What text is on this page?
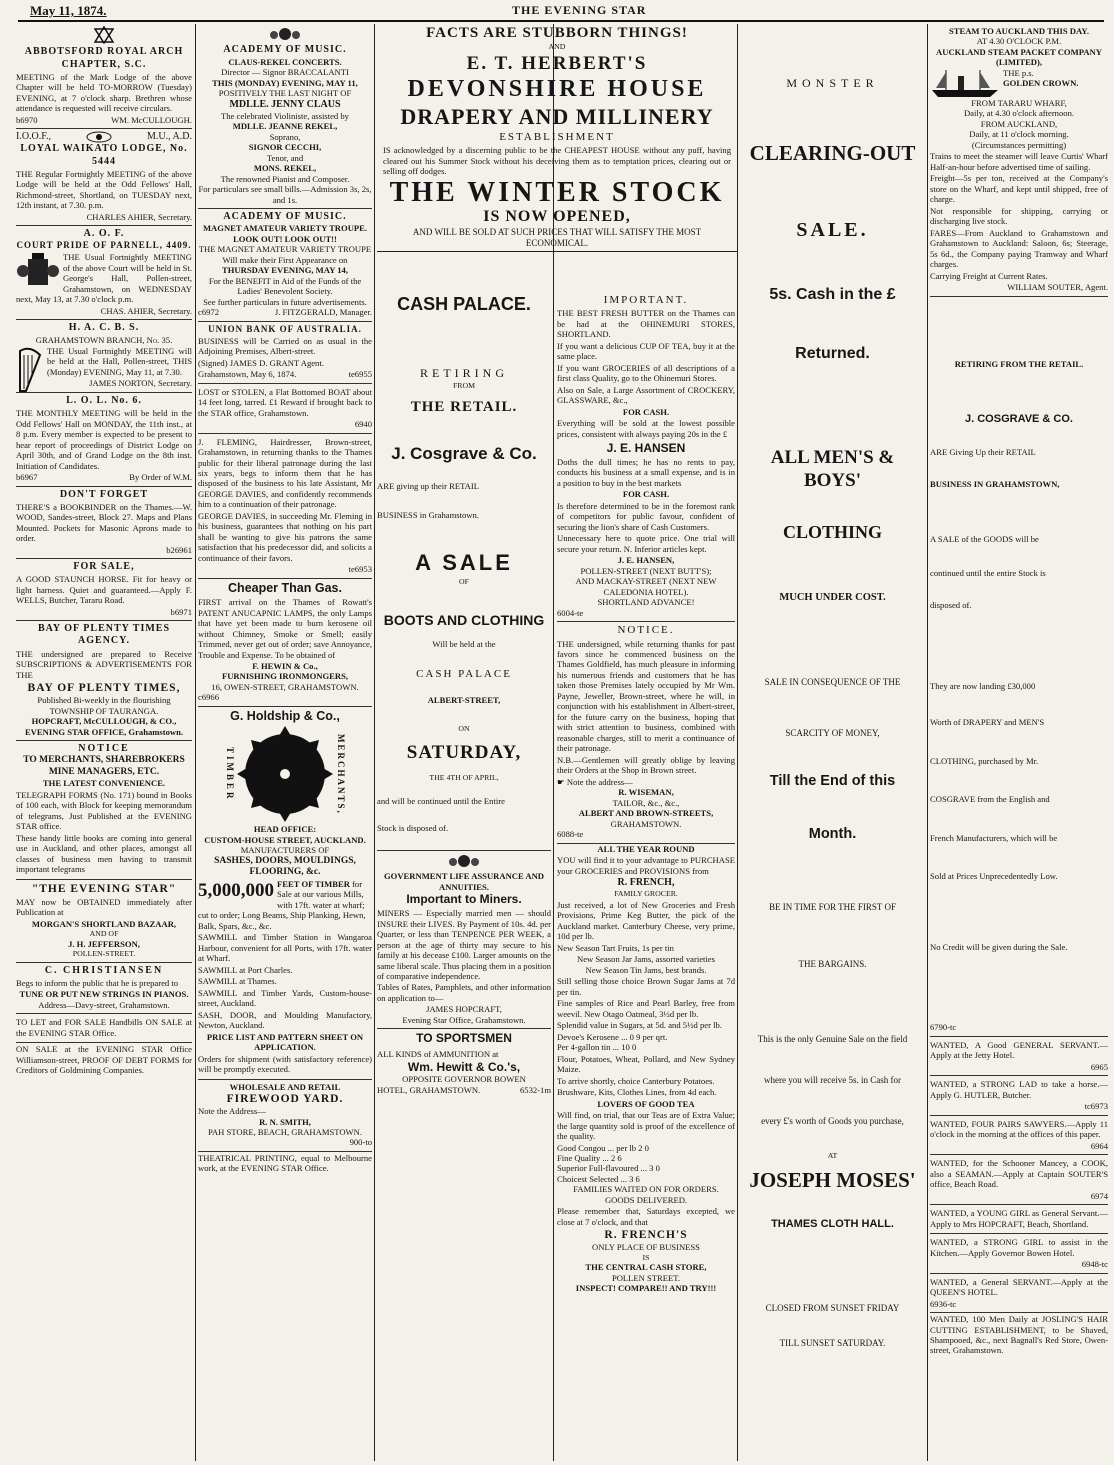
May 11, 1874.	THE EVENING STAR
ABBOTSFORD ROYAL ARCH CHAPTER, S.C.
MEETING of the Mark Lodge of the above Chapter will be held TO-MORROW (Tuesday) EVENING, at 7 o'clock sharp. Brethren whose attendance is requested will receive circulars.
b6970	WM. McCULLOUGH.
I.O.O.F.,	M.U., A.D.
LOYAL WAIKATO LODGE, No. 5444
THE Regular Fortnightly MEETING of the above Lodge will be held at the Odd Fellows' Hall, Richmond-street, Shortland, on TUESDAY next, 12th instant, at 7.30. p.m.
CHARLES AHIER, Secretary.
A. O. F.
COURT PRIDE OF PARNELL, 4409.
THE Usual Fortnightly MEETING of the above Court will be held in St. George's Hall, Pollen-street, Grahamstown, on WEDNESDAY next, May 13, at 7.30 o'clock p.m.
CHAS. AHIER, Secretary.
H. A. C. B. S.
GRAHAMSTOWN BRANCH, No. 35.
THE Usual Fortnightly MEETING will be held at the Hall, Pollen-street, THIS (Monday) EVENING, May 11, at 7.30.
JAMES NORTON, Secretary.
L. O. L. No. 6.
THE MONTHLY MEETING will be held in the Odd Fellows' Hall on MONDAY, the 11th inst., at 8 p.m. Every member is expected to be present to hear report of proceedings of District Lodge on April 30th, and of Grand Lodge on the 8th inst. Initiation of Candidates.
b6967	By Order of W.M.
DON'T FORGET
THERE'S a BOOKBINDER on the Thames.—W. WOOD, Sandes-street, Block 27. Maps and Plans Mounted. Pockets for Masonic Aprons made to order.
b26961
FOR SALE,
A GOOD STAUNCH HORSE. Fit for heavy or light harness. Quiet and guaranteed.—Apply F. WELLS, Butcher, Tararu Road.
b6971
BAY OF PLENTY TIMES AGENCY.
THE undersigned are prepared to Receive SUBSCRIPTIONS & ADVERTISEMENTS FOR THE
BAY OF PLENTY TIMES,
Published Bi-weekly in the flourishing TOWNSHIP OF TAURANGA.
HOPCRAFT, McCULLOUGH, & CO., EVENING STAR OFFICE, Grahamstown.
NOTICE
TO MERCHANTS, SHAREBROKERS MINE MANAGERS, ETC.
THE LATEST CONVENIENCE.
TELEGRAPH FORMS (No. 171) bound in Books of 100 each, with Block for keeping memorandum of telegrams, Just Published at the EVENING STAR office.
These handy little books are coming into general use in Auckland, and other places, amongst all classes of business men having to transmit important telegrams
"THE EVENING STAR"
MAY now be OBTAINED immediately after Publication at
MORGAN'S SHORTLAND BAZAAR,
AND OF
J. H. JEFFERSON,
POLLEN-STREET.
C. CHRISTIANSEN
Begs to inform the public that he is prepared to
TUNE OR PUT NEW STRINGS IN PIANOS.
Address—Davy-street, Grahamstown.
TO LET and FOR SALE Handbills ON SALE at the EVENING STAR Office.
ON SALE at the EVENING STAR Office Williamson-street, PROOF OF DEBT FORMS for Creditors of Goldmining Companies.
ACADEMY OF MUSIC.
CLAUS-REKEL CONCERTS.
Director — Signor BRACCALANTI
THIS (MONDAY) EVENING, MAY 11,
POSITIVELY THE LAST NIGHT OF
MDLLE. JENNY CLAUS
The celebrated Violiniste, assisted by
MDLLE. JEANNE REKEL,
Soprano,
SIGNOR CECCHI,
Tenor, and
MONS. REKEL,
The renowned Pianist and Composer.
For particulars see small bills.—Admission 3s, 2s, and 1s.
ACADEMY OF MUSIC.
MAGNET AMATEUR VARIETY TROUPE.
LOOK OUT! LOOK OUT!!
THE MAGNET AMATEUR VARIETY TROUPE
Will make their First Appearance on
THURSDAY EVENING, MAY 14,
For the BENEFIT in Aid of the Funds of the Ladies' Benevolent Society.
See further particulars in future advertisements.
c6972	J. FITZGERALD, Manager.
UNION BANK OF AUSTRALIA.
BUSINESS will be Carried on as usual in the Adjoining Premises, Albert-street.
(Signed) JAMES D. GRANT Agent.
Grahamstown, May 6, 1874.	te6955
LOST or STOLEN, a Flat Bottomed BOAT about 14 feet long, tarred. £1 Reward if brought back to the STAR office, Grahamstown.
6940
J. FLEMING, Hairdresser, Brown-street, Grahamstown, in returning thanks to the Thames public for their liberal patronage during the last six years, begs to inform them that he has disposed of the business to his late Assistant, Mr GEORGE DAVIES, and confidently recommends him to a continuation of their patronage.
GEORGE DAVIES, in succeeding Mr. Fleming in his business, guarantees that nothing on his part shall be wanting to give his patrons the same satisfaction that his predecessor did, and solicits a continuance of their favors.
te6953
Cheaper Than Gas.
FIRST arrival on the Thames of Rowatt's PATENT ANUCAPNIC LAMPS, the only Lamps that have yet been made to burn kerosene oil without Chimney, Smoke or Smell; easily Trimmed, never get out of order; save Annoyance, Trouble and Expense. To be obtained of
F. HEWIN & Co.,
FURNISHING IRONMONGERS,
16, OWEN-STREET, GRAHAMSTOWN.
c6966
G. Holdship & Co.,
TIMBER	MERCHANTS,
HEAD OFFICE:
CUSTOM-HOUSE STREET, AUCKLAND.
MANUFACTURERS OF
SASHES, DOORS, MOULDINGS, FLOORING, &c.
5,000,000 FEET OF TIMBER for Sale at our various Mills, with 17ft. water at wharf; cut to order; Long Beams, Ship Planking, Hewn, Balk, Spars, &c., &c.
SAWMILL and Timber Station in Wangaroa Harbour, convenient for all Ports, with 17ft. water at Wharf.
SAWMILL at Port Charles.
SAWMILL at Thames.
SAWMILL and Timber Yards, Custom-house-street, Auckland.
SASH, DOOR, and Moulding Manufactory, Newton, Auckland.
PRICE LIST AND PATTERN SHEET ON APPLICATION.
Orders for shipment (with satisfactory reference) will be promptly executed.
WHOLESALE AND RETAIL
FIREWOOD YARD.
Note the Address—
R. N. SMITH,
PAH STORE, BEACH, GRAHAMSTOWN.
900-to
THEATRICAL PRINTING, equal to Melbourne work, at the EVENING STAR Office.
FACTS ARE STUBBORN THINGS!
AND
E. T. HERBERT'S
DEVONSHIRE HOUSE
DRAPERY AND MILLINERY
ESTABLISHMENT
IS acknowledged by a discerning public to be the CHEAPEST HOUSE without any puff, having cleared out his Summer Stock without his deceiving them as to temptation prices, clearing out or selling off dodges.
THE WINTER STOCK
IS NOW OPENED,
AND WILL BE SOLD AT SUCH PRICES THAT WILL SATISFY THE MOST ECONOMICAL.
CASH PALACE.
RETIRING
FROM
THE RETAIL.
J. Cosgrave & Co.
ARE giving up their RETAIL
BUSINESS in Grahamstown.
A SALE
OF
BOOTS AND CLOTHING
Will be held at the
CASH PALACE
ALBERT-STREET,
ON
SATURDAY,
THE 4TH OF APRIL,
and will be continued until the Entire
Stock is disposed of.
GOVERNMENT LIFE ASSURANCE AND ANNUITIES.
Important to Miners.
MINERS — Especially married men — should INSURE their LIVES. By Payment of 10s. 4d. per Quarter, or less than TENPENCE PER WEEK, a person at the age of thirty may secure to his family at his decease £100. Larger amounts on the same liberal scale. Thus placing them in a position of comparative independence.
Tables of Rates, Pamphlets, and other information on application to—
JAMES HOPCRAFT,
Evening Star Office, Grahamstown.
TO SPORTSMEN
ALL KINDS of AMMUNITION at
Wm. Hewitt & Co.'s,
OPPOSITE GOVERNOR BOWEN
HOTEL, GRAHAMSTOWN.	6532-1m
IMPORTANT.
THE BEST FRESH BUTTER on the Thames can be had at the OHINEMURI STORES, SHORTLAND.
If you want a delicious CUP OF TEA, buy it at the same place.
If you want GROCERIES of all descriptions of a first class Quality, go to the Ohinemuri Stores.
Also on Sale, a Large Assortment of CROCKERY, GLASSWARE, &c.,
FOR CASH.
Everything will be sold at the lowest possible prices, consistent with always paying 20s in the £
J. E. HANSEN
Doths the dull times; he has no rents to pay, conducts his business at a small expense, and is in a position to buy in the best markets
FOR CASH.
Is therefore determined to be in the foremost rank of competitors for public favour, confident of securing the lion's share of Cash Customers.
Unnecessary here to quote price. One trial will secure your return. N. Inferior articles kept.
J. E. HANSEN,
POLLEN-STREET (NEXT BUTT'S);
AND MACKAY-STREET (NEXT NEW CALEDONIA HOTEL).
SHORTLAND ADVANCE!
6004-te
NOTICE.
THE undersigned, while returning thanks for past favors since he commenced business on the Thames Goldfield, has much pleasure in informing his numerous friends and customers that he has taken those Premises lately occupied by Mr Wm. Payne, Jeweller, Brown-street, where he will, in conjunction with his establishment in Albert-street, for the future carry on the business, hoping that with strict attention to business, combined with reasonable charges, still to merit a continuance of their patronage.
N.B.—Gentlemen will greatly oblige by leaving their Orders at the Shop in Brown street.
☛ Note the address—
R. WISEMAN,
TAILOR, &c., &c.,
ALBERT AND BROWN-STREETS,
GRAHAMSTOWN.
6088-te
ALL THE YEAR ROUND
YOU will find it to your advantage to PURCHASE your GROCERIES and PROVISIONS from
R. FRENCH,
FAMILY GROCER.
Just received, a lot of New Groceries and Fresh Provisions, Prime Keg Butter, the pick of the Auckland market. Canterbury Cheese, very prime, 10d per lb.
New Season Tart Fruits, 1s per tin
New Season Jar Jams, assorted varieties
New Season Tin Jams, best brands.
Still selling those choice Brown Sugar Jams at 7d per tin.
Fine samples of Rice and Pearl Barley, free from weevil. New Otago Oatmeal, 3½d per lb.
Splendid value in Sugars, at 5d. and 5½d per lb.
Devoe's Kerosene ... 0 9 per qrt.
Per 4-gallon tin ... 10 0
Flour, Potatoes, Wheat, Pollard, and New Sydney Maize.
To arrive shortly, choice Canterbury Potatoes.
Brushware, Kits, Clothes Lines, from 4d each.
LOVERS OF GOOD TEA
Will find, on trial, that our Teas are of Extra Value; the large quantity sold is proof of the excellence of the quality.
Good Congou ... per lb 2 0
Fine Quality ... 2 6
Superior Full-flavoured ... 3 0
Choicest Selected ... 3 6
FAMILIES WAITED ON FOR ORDERS.
GOODS DELIVERED.
Please remember that, Saturdays excepted, we close at 7 o'clock, and that
R. FRENCH'S
ONLY PLACE OF BUSINESS
IS
THE CENTRAL CASH STORE,
POLLEN STREET.
INSPECT! COMPARE!! AND TRY!!!
MONSTER
CLEARING-OUT
SALE.
5s. Cash in the £
Returned.
ALL MEN'S & BOYS'
CLOTHING
MUCH UNDER COST.
SALE IN CONSEQUENCE OF THE
SCARCITY OF MONEY,
Till the End of this
Month.
BE IN TIME FOR THE FIRST OF
THE BARGAINS.
This is the only Genuine Sale on the field
where you will receive 5s. in Cash for
every £'s worth of Goods you purchase,
AT
JOSEPH MOSES'
THAMES CLOTH HALL.
CLOSED FROM SUNSET FRIDAY
TILL SUNSET SATURDAY.
STEAM TO AUCKLAND THIS DAY.
AT 4.30 O'CLOCK P.M.
AUCKLAND STEAM PACKET COMPANY (LIMITED),
THE p.s.
GOLDEN CROWN.
FROM TARARU WHARF,
Daily, at 4.30 o'clock afternoon.
FROM AUCKLAND,
Daily, at 11 o'clock morning.
(Circumstances permitting)
Trains to meet the steamer will leave Curtis' Wharf Half-an-hour before advertised time of sailing.
Freight—5s per ton, received at the Company's store on the Wharf, and kept until shipped, free of charge.
Not responsible for shipping, carrying or discharging live stock.
FARES—From Auckland to Grahamstown and Grahamstown to Auckland: Saloon, 6s; Steerage, 5s 6d., the Company paying Tramway and Wharf charges.
Carrying Freight at Current Rates.
WILLIAM SOUTER, Agent.
RETIRING FROM THE RETAIL.
J. COSGRAVE & CO.
ARE Giving Up their RETAIL
BUSINESS IN GRAHAMSTOWN,
A SALE of the GOODS will be
continued until the entire Stock is
disposed of.
They are now landing £30,000
Worth of DRAPERY and MEN'S
CLOTHING, purchased by Mr.
COSGRAVE from the English and
French Manufacturers, which will be
Sold at Prices Unprecedentedly Low.
No Credit will be given during the Sale.
6790-tc
WANTED, A Good GENERAL SERVANT.—Apply at the Jetty Hotel.
6965
WANTED, a STRONG LAD to take a horse.—Apply G. HUTLER, Butcher.
tc6973
WANTED, FOUR PAIRS SAWYERS.—Apply 11 o'clock in the morning at the offices of this paper.
6964
WANTED, for the Schooner Mancey, a COOK, also a SEAMAN.—Apply at Captain SOUTER'S office, Beach Road.
6974
WANTED, a YOUNG GIRL as General Servant.—Apply to Mrs HOPCRAFT, Beach, Shortland.
WANTED, a STRONG GIRL to assist in the Kitchen.—Apply Governor Bowen Hotel.
6948-tc
WANTED, a General SERVANT.—Apply at the QUEEN'S HOTEL.
6936-tc
WANTED, 100 Men Daily at JOSLING'S HAIR CUTTING ESTABLISHMENT, to be Shaved, Shampooed, &c., next Bagnall's Red Store, Owen-street, Grahamstown.
